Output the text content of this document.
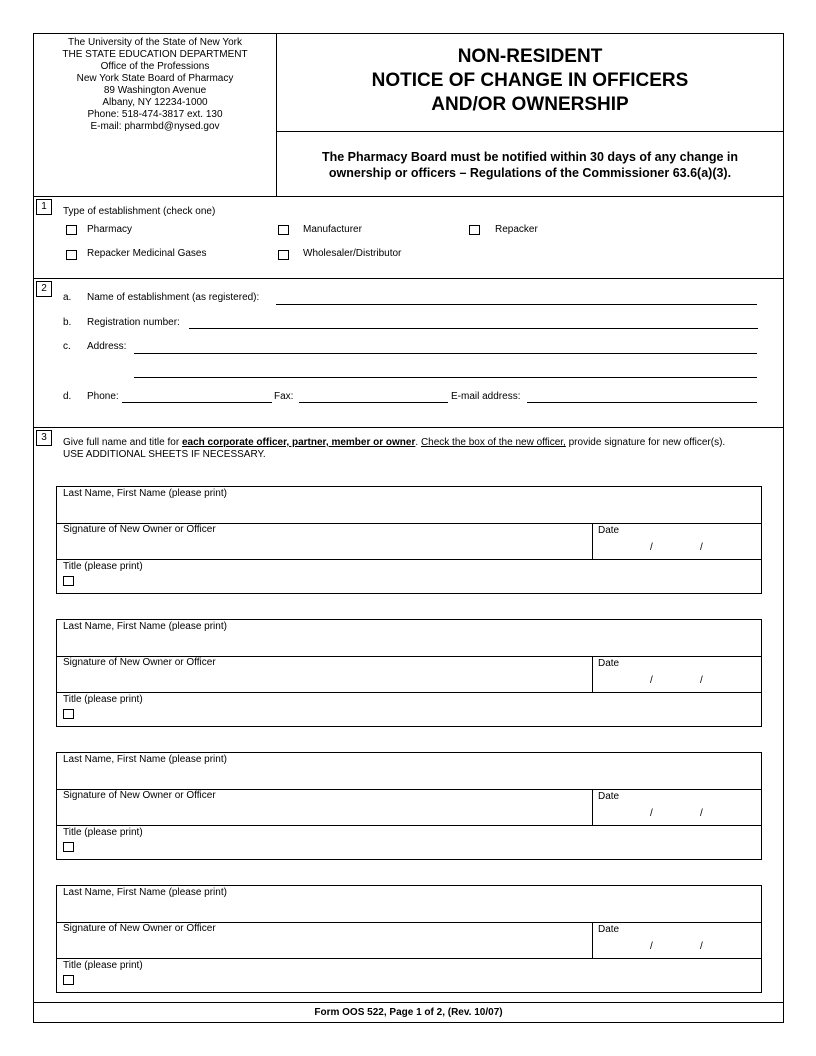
The University of the State of New York
THE STATE EDUCATION DEPARTMENT
Office of the Professions
New York State Board of Pharmacy
89 Washington Avenue
Albany, NY 12234-1000
Phone: 518-474-3817 ext. 130
E-mail: pharmbd@nysed.gov
NON-RESIDENT
NOTICE OF CHANGE IN OFFICERS
AND/OR OWNERSHIP
The Pharmacy Board must be notified within 30 days of any change in
ownership or officers – Regulations of the Commissioner 63.6(a)(3).
1	Type of establishment (check one)
Pharmacy	Manufacturer	Repacker
Repacker Medicinal Gases	Wholesaler/Distributor
2
a. Name of establishment (as registered):
b. Registration number:
c. Address:
d. Phone:	Fax:	E-mail address:
3	Give full name and title for each corporate officer, partner, member or owner. Check the box of the new officer, provide signature for new officer(s).
USE ADDITIONAL SHEETS IF NECESSARY.
Last Name, First Name (please print)
Signature of New Owner or Officer	Date
/	/
Title (please print)
Last Name, First Name (please print)
Signature of New Owner or Officer	Date
/	/
Title (please print)
Last Name, First Name (please print)
Signature of New Owner or Officer	Date
/	/
Title (please print)
Last Name, First Name (please print)
Signature of New Owner or Officer	Date
/	/
Title (please print)
Form OOS 522, Page 1 of 2, (Rev. 10/07)
